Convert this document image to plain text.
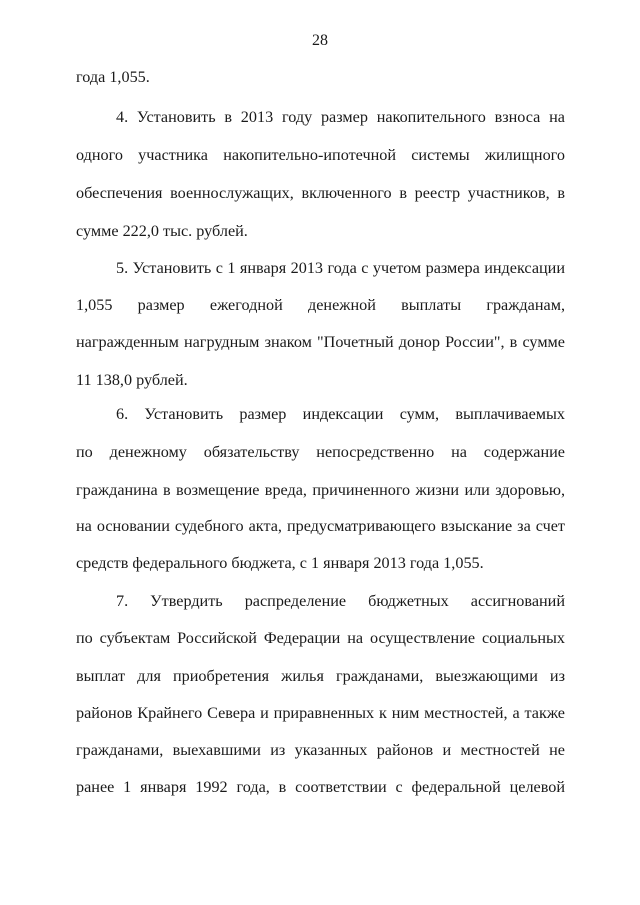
28
года 1,055.
4. Установить в 2013 году размер накопительного взноса на
одного участника накопительно-ипотечной системы жилищного
обеспечения военнослужащих, включенного в реестр участников, в
сумме 222,0 тыс. рублей.
5. Установить с 1 января 2013 года с учетом размера индексации
1,055 размер ежегодной денежной выплаты гражданам,
награжденным нагрудным знаком "Почетный донор России", в сумме
11 138,0 рублей.
6. Установить размер индексации сумм, выплачиваемых
по денежному обязательству непосредственно на содержание
гражданина в возмещение вреда, причиненного жизни или здоровью,
на основании судебного акта, предусматривающего взыскание за счет
средств федерального бюджета, с 1 января 2013 года 1,055.
7. Утвердить распределение бюджетных ассигнований
по субъектам Российской Федерации на осуществление социальных
выплат для приобретения жилья гражданами, выезжающими из
районов Крайнего Севера и приравненных к ним местностей, а также
гражданами, выехавшими из указанных районов и местностей не
ранее 1 января 1992 года, в соответствии с федеральной целевой
